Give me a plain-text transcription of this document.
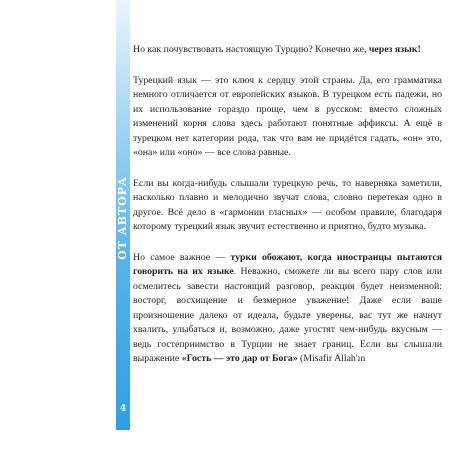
ОТ АВТОРА
4

Но как почувствовать настоящую Турцию? Конечно же, через язык!

Турецкий язык — это ключ к сердцу этой страны. Да, его грамматика немного отличается от европейских языков. В турецком есть падежи, но их использование гораздо проще, чем в русском: вместо сложных изменений корня слова здесь работают понятные аффиксы. А ещё в турецком нет категории рода, так что вам не придётся гадать, «он» это, «она» или «оно» — все слова равные.

Если вы когда-нибудь слышали турецкую речь, то наверняка заметили, насколько плавно и мелодично звучат слова, словно перетекая одно в другое. Всё дело в «гармонии гласных» — особом правиле, благодаря которому турецкий язык звучит естественно и приятно, будто музыка.

Но самое важное — турки обожают, когда иностранцы пытаются говорить на их языке. Неважно, сможете ли вы всего пару слов или осмелитесь завести настоящий разговор, реакция будет неизменной: восторг, восхищение и безмерное уважение! Даже если ваше произношение далеко от идеала, будьте уверены, вас тут же начнут хвалить, улыбаться и, возможно, даже угостят чем-нибудь вкусным — ведь гостеприимство в Турции не знает границ. Если вы слышали выражение «Гость — это дар от Бога» (Misafir Allah'ın
